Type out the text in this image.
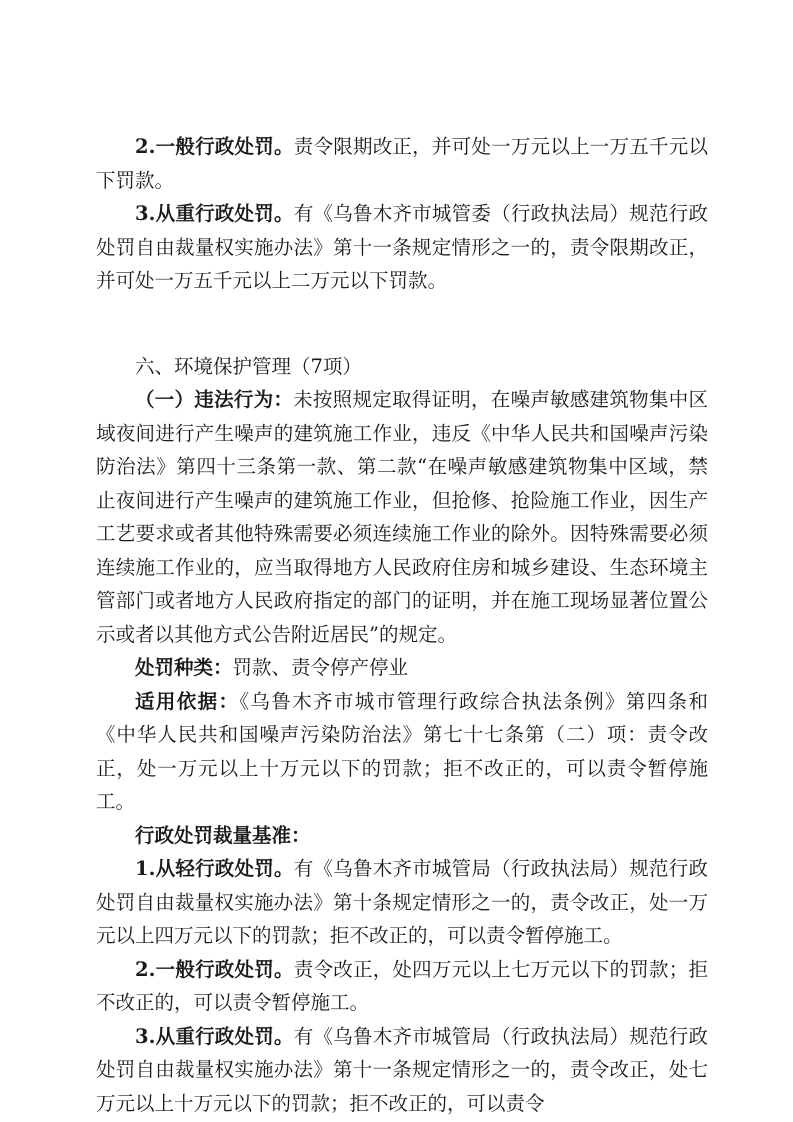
2.一般行政处罚。责令限期改正，并可处一万元以上一万五千元以下罚款。

3.从重行政处罚。有《乌鲁木齐市城管委（行政执法局）规范行政处罚自由裁量权实施办法》第十一条规定情形之一的，责令限期改正，并可处一万五千元以上二万元以下罚款。

六、环境保护管理（7项）

（一）违法行为：未按照规定取得证明，在噪声敏感建筑物集中区域夜间进行产生噪声的建筑施工作业，违反《中华人民共和国噪声污染防治法》第四十三条第一款、第二款“在噪声敏感建筑物集中区域，禁止夜间进行产生噪声的建筑施工作业，但抢修、抢险施工作业，因生产工艺要求或者其他特殊需要必须连续施工作业的除外。因特殊需要必须连续施工作业的，应当取得地方人民政府住房和城乡建设、生态环境主管部门或者地方人民政府指定的部门的证明，并在施工现场显著位置公示或者以其他方式公告附近居民”的规定。

处罚种类：罚款、责令停产停业

适用依据：《乌鲁木齐市城市管理行政综合执法条例》第四条和《中华人民共和国噪声污染防治法》第七十七条第（二）项：责令改正，处一万元以上十万元以下的罚款；拒不改正的，可以责令暂停施工。

行政处罚裁量基准：

1.从轻行政处罚。有《乌鲁木齐市城管局（行政执法局）规范行政处罚自由裁量权实施办法》第十条规定情形之一的，责令改正，处一万元以上四万元以下的罚款；拒不改正的，可以责令暂停施工。

2.一般行政处罚。责令改正，处四万元以上七万元以下的罚款；拒不改正的，可以责令暂停施工。

3.从重行政处罚。有《乌鲁木齐市城管局（行政执法局）规范行政处罚自由裁量权实施办法》第十一条规定情形之一的，责令改正，处七万元以上十万元以下的罚款；拒不改正的，可以责令
